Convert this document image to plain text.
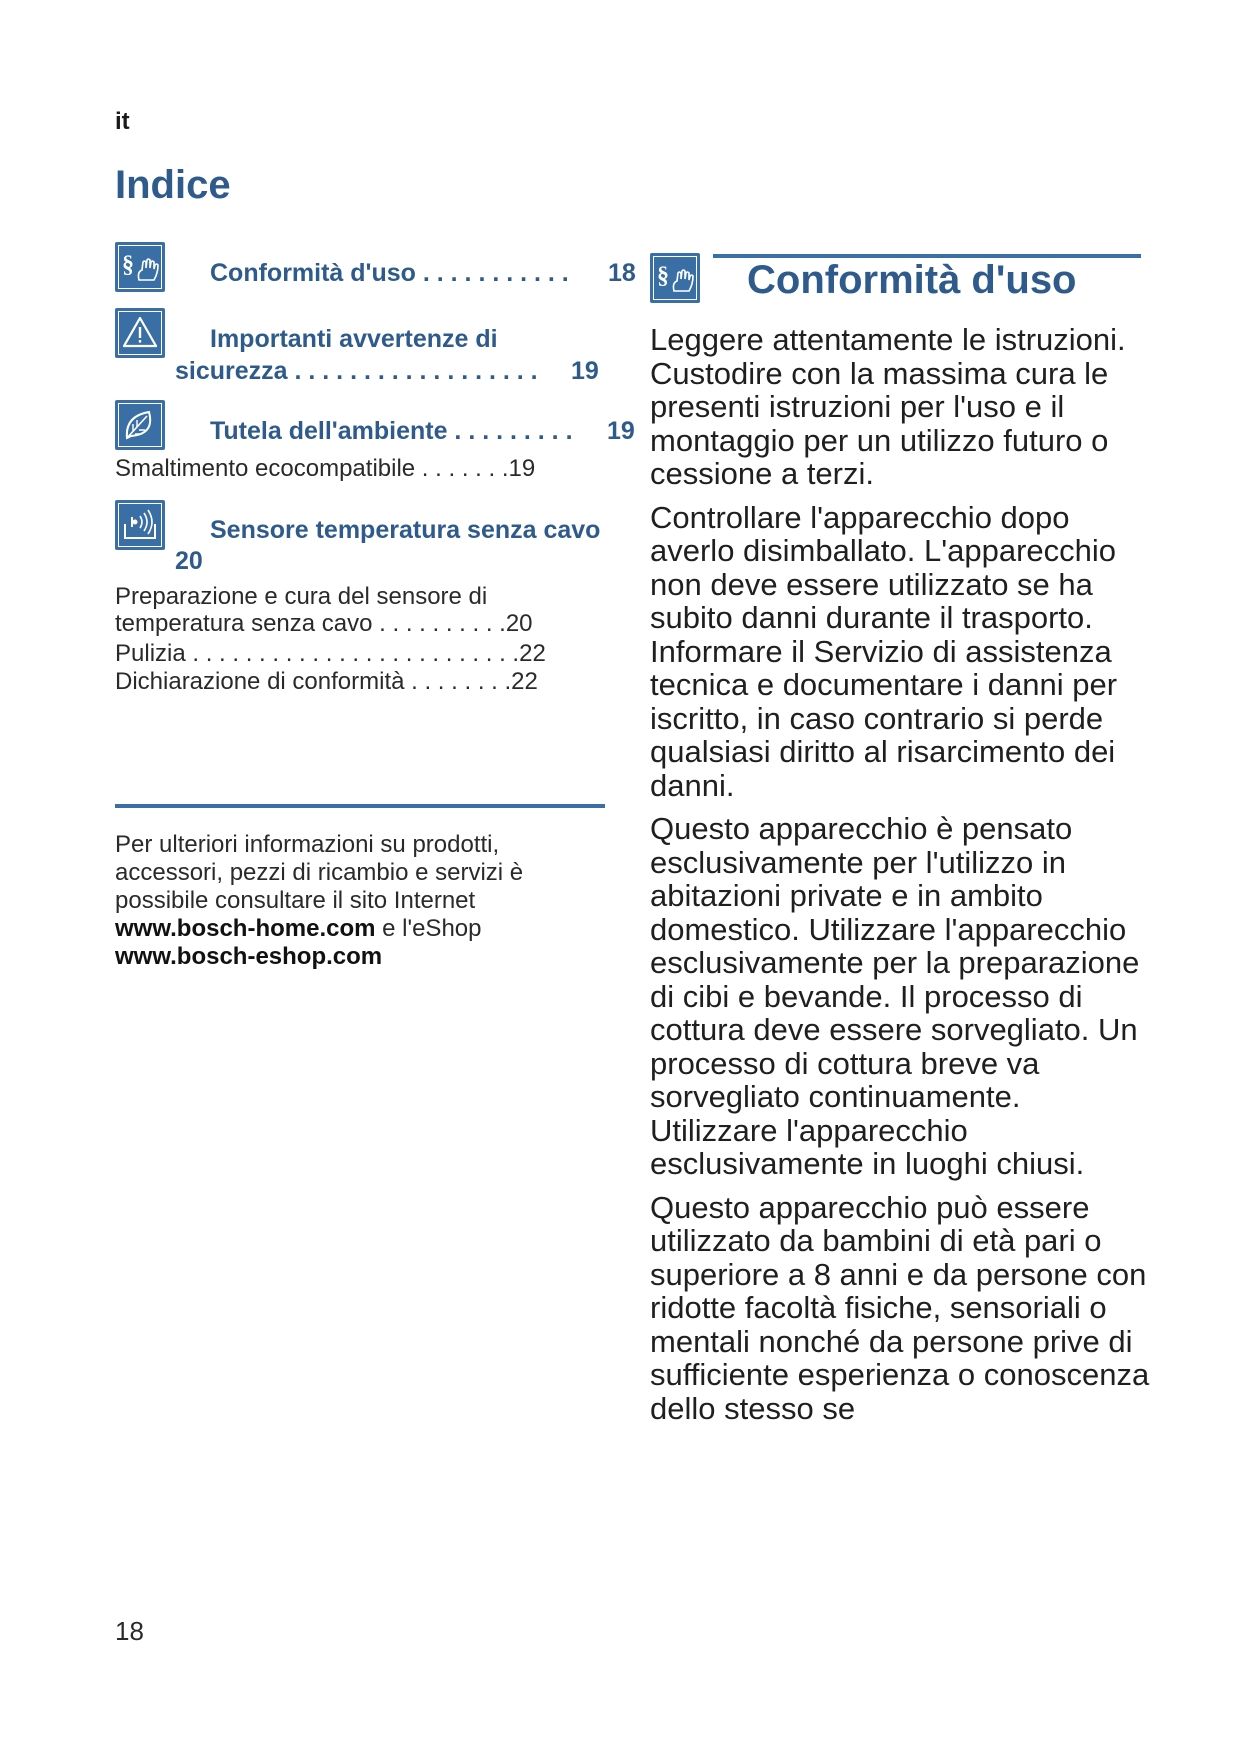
it
Indice
§	Conformità d'uso . . . . . . . . . . . 18
Importanti avvertenze di
sicurezza . . . . . . . . . . . . . . . . . . 19
Tutela dell'ambiente . . . . . . . . . 19
Smaltimento ecocompatibile . . . . . . .19
Sensore temperatura senza cavo
20
Preparazione e cura del sensore di
temperatura senza cavo . . . . . . . . . .20
Pulizia . . . . . . . . . . . . . . . . . . . . . . . . .22
Dichiarazione di conformità . . . . . . . .22
Per ulteriori informazioni su prodotti,
accessori, pezzi di ricambio e servizi è
possibile consultare il sito Internet
www.bosch-home.com e l'eShop
www.bosch-eshop.com
§ Conformità d'uso

Leggere attentamente le istruzioni. Custodire con la massima cura le presenti istruzioni per l'uso e il montaggio per un utilizzo futuro o cessione a terzi.

Controllare l'apparecchio dopo averlo disimballato. L'apparecchio non deve essere utilizzato se ha subito danni durante il trasporto. Informare il Servizio di assistenza tecnica e documentare i danni per iscritto, in caso contrario si perde qualsiasi diritto al risarcimento dei danni.

Questo apparecchio è pensato esclusivamente per l'utilizzo in abitazioni private e in ambito domestico. Utilizzare l'apparecchio esclusivamente per la preparazione di cibi e bevande. Il processo di cottura deve essere sorvegliato. Un processo di cottura breve va sorvegliato continuamente. Utilizzare l'apparecchio esclusivamente in luoghi chiusi.

Questo apparecchio può essere utilizzato da bambini di età pari o superiore a 8 anni e da persone con ridotte facoltà fisiche, sensoriali o mentali nonché da persone prive di sufficiente esperienza o conoscenza dello stesso se

18
